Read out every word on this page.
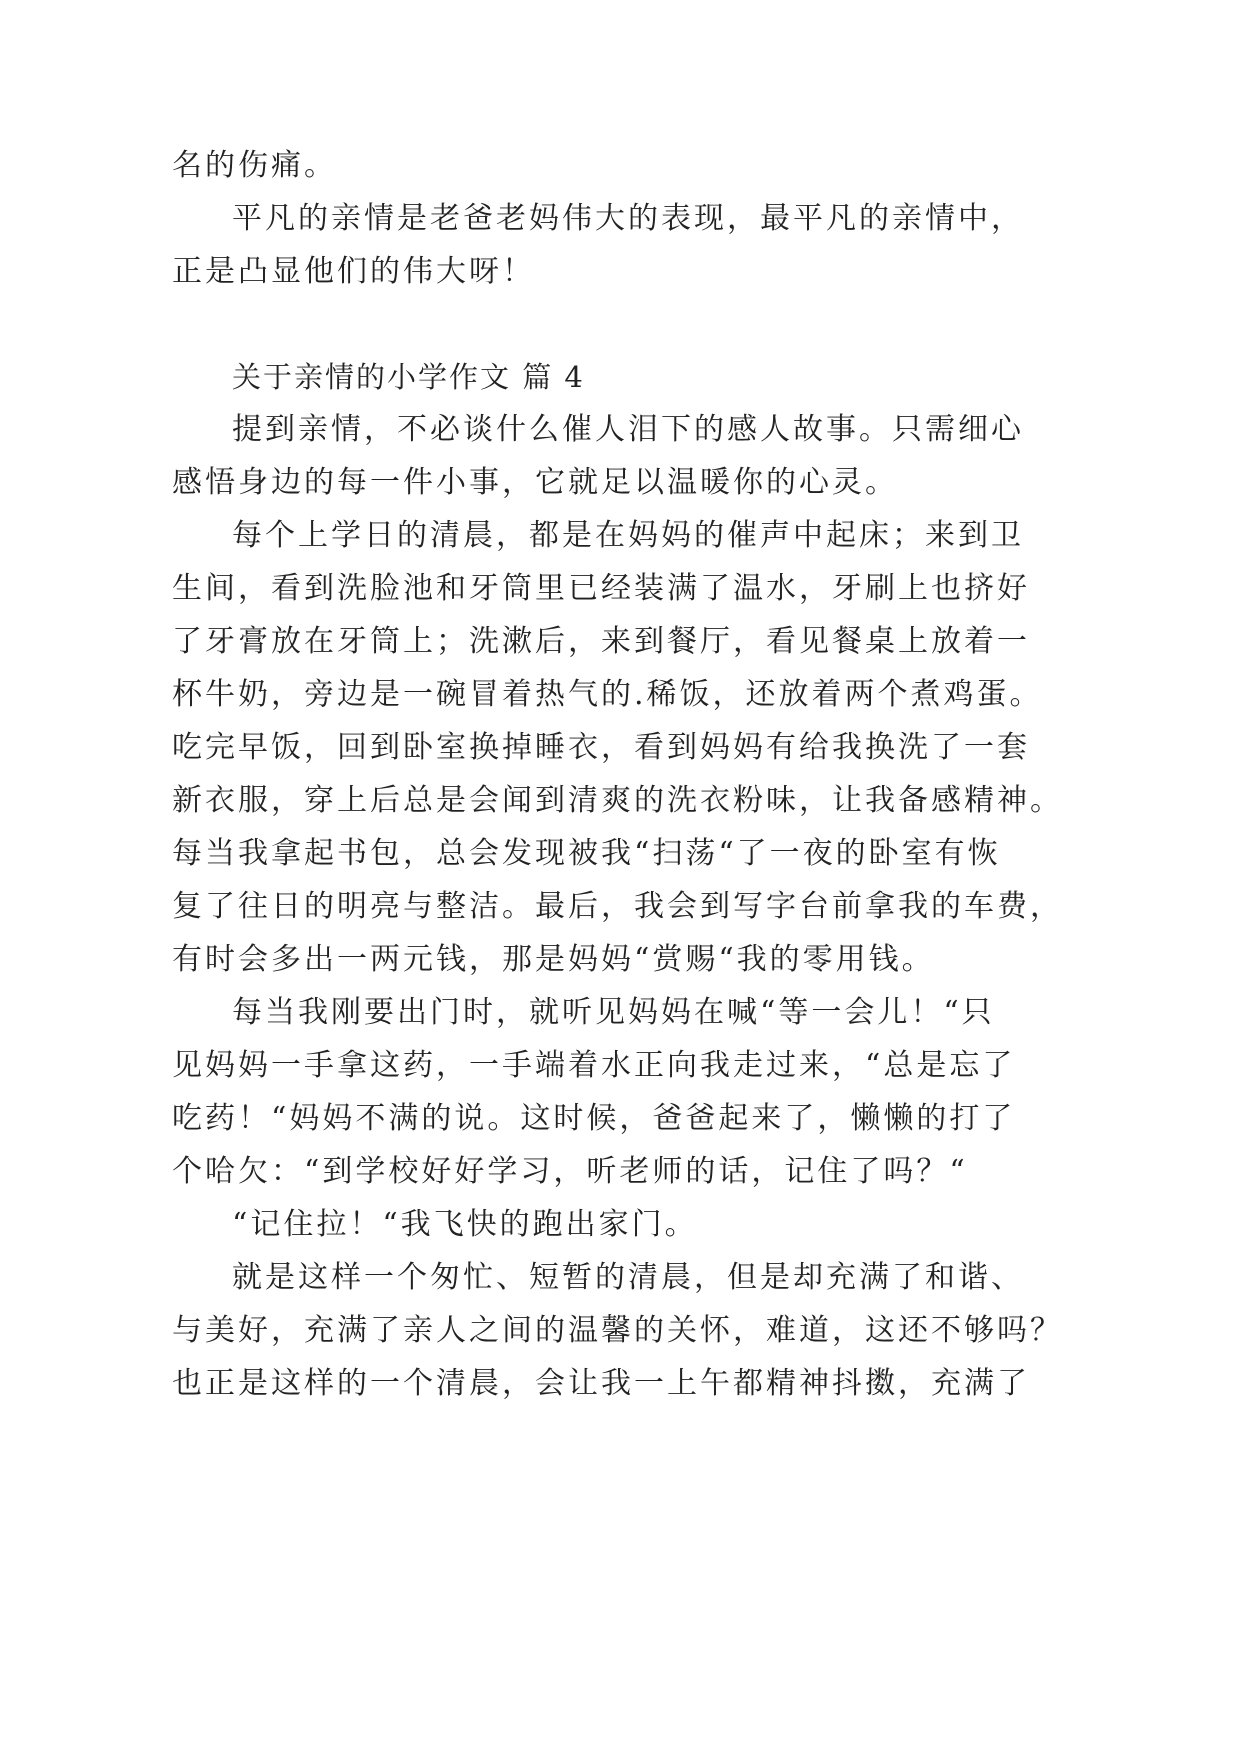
名的伤痛。
平凡的亲情是老爸老妈伟大的表现，最平凡的亲情中，
正是凸显他们的伟大呀！
关于亲情的小学作文 篇 4
提到亲情，不必谈什么催人泪下的感人故事。只需细心
感悟身边的每一件小事，它就足以温暖你的心灵。
每个上学日的清晨，都是在妈妈的催声中起床；来到卫
生间，看到洗脸池和牙筒里已经装满了温水，牙刷上也挤好
了牙膏放在牙筒上；洗漱后，来到餐厅，看见餐桌上放着一
杯牛奶，旁边是一碗冒着热气的.稀饭，还放着两个煮鸡蛋。
吃完早饭，回到卧室换掉睡衣，看到妈妈有给我换洗了一套
新衣服，穿上后总是会闻到清爽的洗衣粉味，让我备感精神。
每当我拿起书包，总会发现被我“扫荡“了一夜的卧室有恢
复了往日的明亮与整洁。最后，我会到写字台前拿我的车费，
有时会多出一两元钱，那是妈妈“赏赐“我的零用钱。
每当我刚要出门时，就听见妈妈在喊“等一会儿！“只
见妈妈一手拿这药，一手端着水正向我走过来，“总是忘了
吃药！“妈妈不满的说。这时候，爸爸起来了，懒懒的打了
个哈欠：“到学校好好学习，听老师的话，记住了吗？“
“记住拉！“我飞快的跑出家门。
就是这样一个匆忙、短暂的清晨，但是却充满了和谐、
与美好，充满了亲人之间的温馨的关怀，难道，这还不够吗？
也正是这样的一个清晨，会让我一上午都精神抖擞，充满了
